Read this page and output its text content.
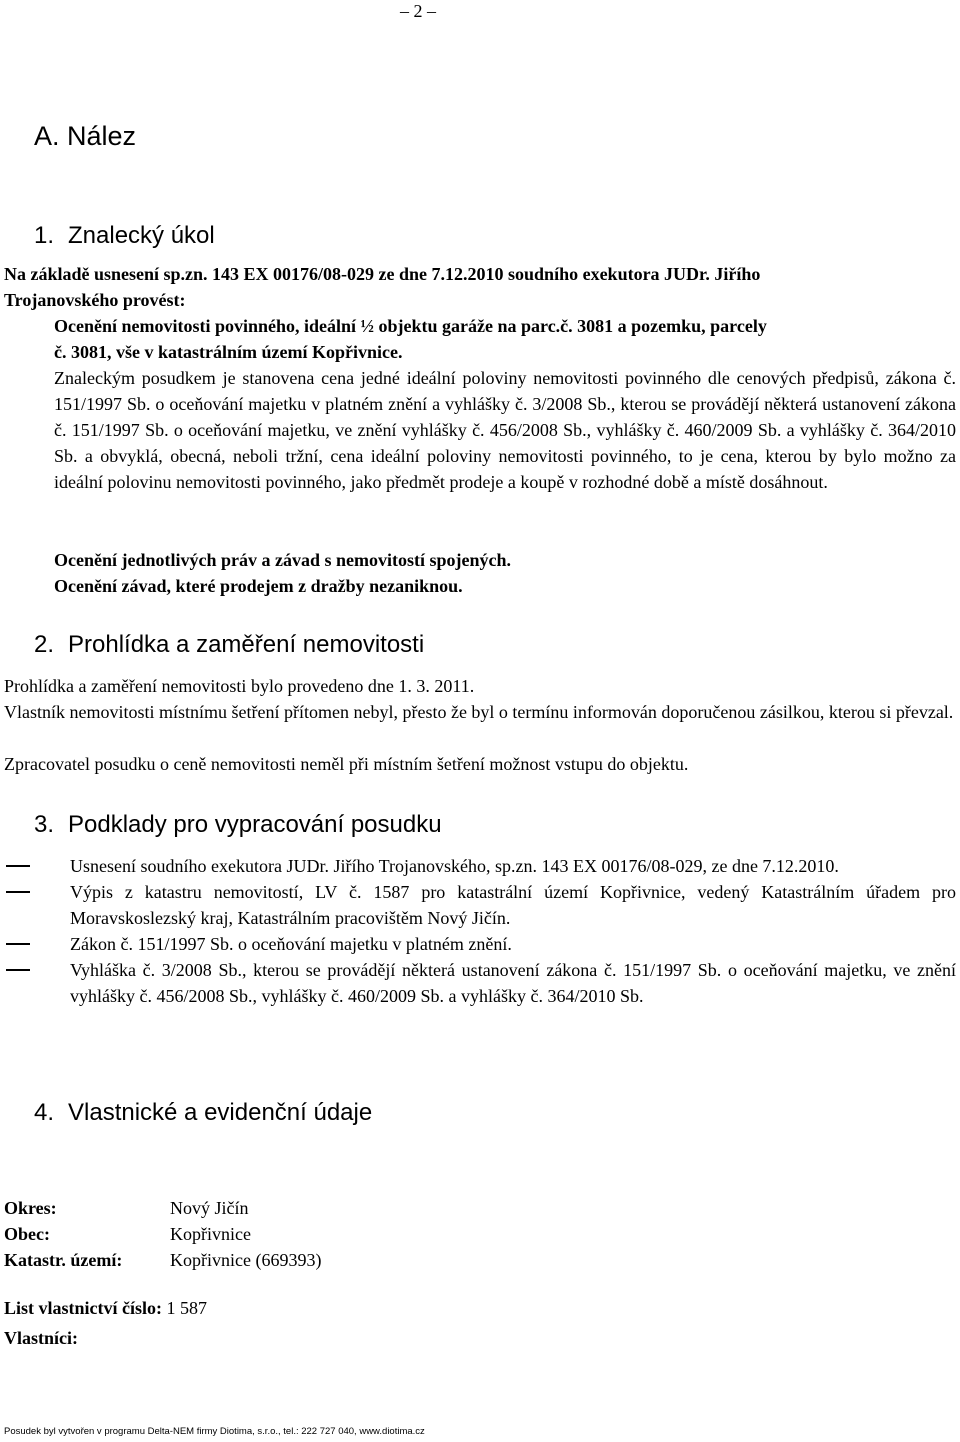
– 2 –
A. Nález
1. Znalecký úkol
Na základě usnesení sp.zn. 143 EX 00176/08-029 ze dne 7.12.2010 soudního exekutora JUDr. Jiřího
Trojanovského provést:
Ocenění nemovitosti povinného, ideální ½ objektu garáže na parc.č. 3081 a pozemku, parcely
č. 3081, vše v katastrálním území Kopřivnice.
Znaleckým posudkem je stanovena cena jedné ideální poloviny nemovitosti povinného dle cenových předpisů, zákona č. 151/1997 Sb. o oceňování majetku v platném znění a vyhlášky č. 3/2008 Sb., kterou se provádějí některá ustanovení zákona č. 151/1997 Sb. o oceňování majetku, ve znění vyhlášky č. 456/2008 Sb., vyhlášky č. 460/2009 Sb. a vyhlášky č. 364/2010 Sb. a obvyklá, obecná, neboli tržní, cena ideální poloviny nemovitosti povinného, to je cena, kterou by bylo možno za ideální polovinu nemovitosti povinného, jako předmět prodeje a koupě v rozhodné době a místě dosáhnout.
Ocenění jednotlivých práv a závad s nemovitostí spojených.
Ocenění závad, které prodejem z dražby nezaniknou.
2. Prohlídka a zaměření nemovitosti
Prohlídka a zaměření nemovitosti bylo provedeno dne 1. 3. 2011.
Vlastník nemovitosti místnímu šetření přítomen nebyl, přesto že byl o termínu informován doporučenou zásilkou, kterou si převzal.
Zpracovatel posudku o ceně nemovitosti neměl při místním šetření možnost vstupu do objektu.
3. Podklady pro vypracování posudku
Usnesení soudního exekutora JUDr. Jiřího Trojanovského, sp.zn. 143 EX 00176/08-029, ze dne 7.12.2010.
Výpis z katastru nemovitostí, LV č. 1587 pro katastrální území Kopřivnice, vedený Katastrálním úřadem pro Moravskoslezský kraj, Katastrálním pracovištěm Nový Jičín.
Zákon č. 151/1997 Sb. o oceňování majetku v platném znění.
Vyhláška č. 3/2008 Sb., kterou se provádějí některá ustanovení zákona č. 151/1997 Sb. o oceňování majetku, ve znění vyhlášky č. 456/2008 Sb., vyhlášky č. 460/2009 Sb. a vyhlášky č. 364/2010 Sb.
4. Vlastnické a evidenční údaje
Okres:	Nový Jičín
Obec:	Kopřivnice
Katastr. území:	Kopřivnice (669393)
List vlastnictví číslo: 1 587
Vlastníci:
Posudek byl vytvořen v programu Delta-NEM firmy Diotima, s.r.o., tel.: 222 727 040, www.diotima.cz
